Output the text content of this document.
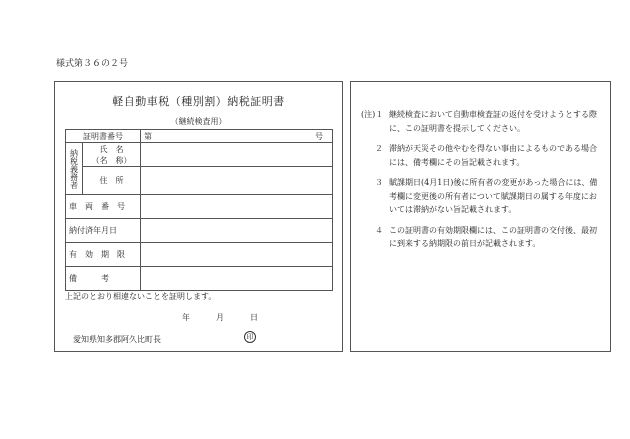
様式第３６の２号
軽自動車税（種別割）納税証明書
（継続検査用）
証明書番号		第 号

納税義務者	氏　名
（名　称）	

	住　所	
車　両　番　号		
納付済年月日		
有　効　期　限		
備　　　考		
上記のとおり相違ないことを証明します。
年	月	日
愛知県知多郡阿久比町長	印
(注)１ 継続検査において自動車検査証の返付を受けようとする際に、この証明書を提示してください。
２ 滞納が天災その他やむを得ない事由によるものである場合には、備考欄にその旨記載されます。
３ 賦課期日(4月1日)後に所有者の変更があった場合には、備考欄に変更後の所有者について賦課期日の属する年度においては滞納がない旨記載されます。
４ この証明書の有効期限欄には、この証明書の交付後、最初に到来する納期限の前日が記載されます。
